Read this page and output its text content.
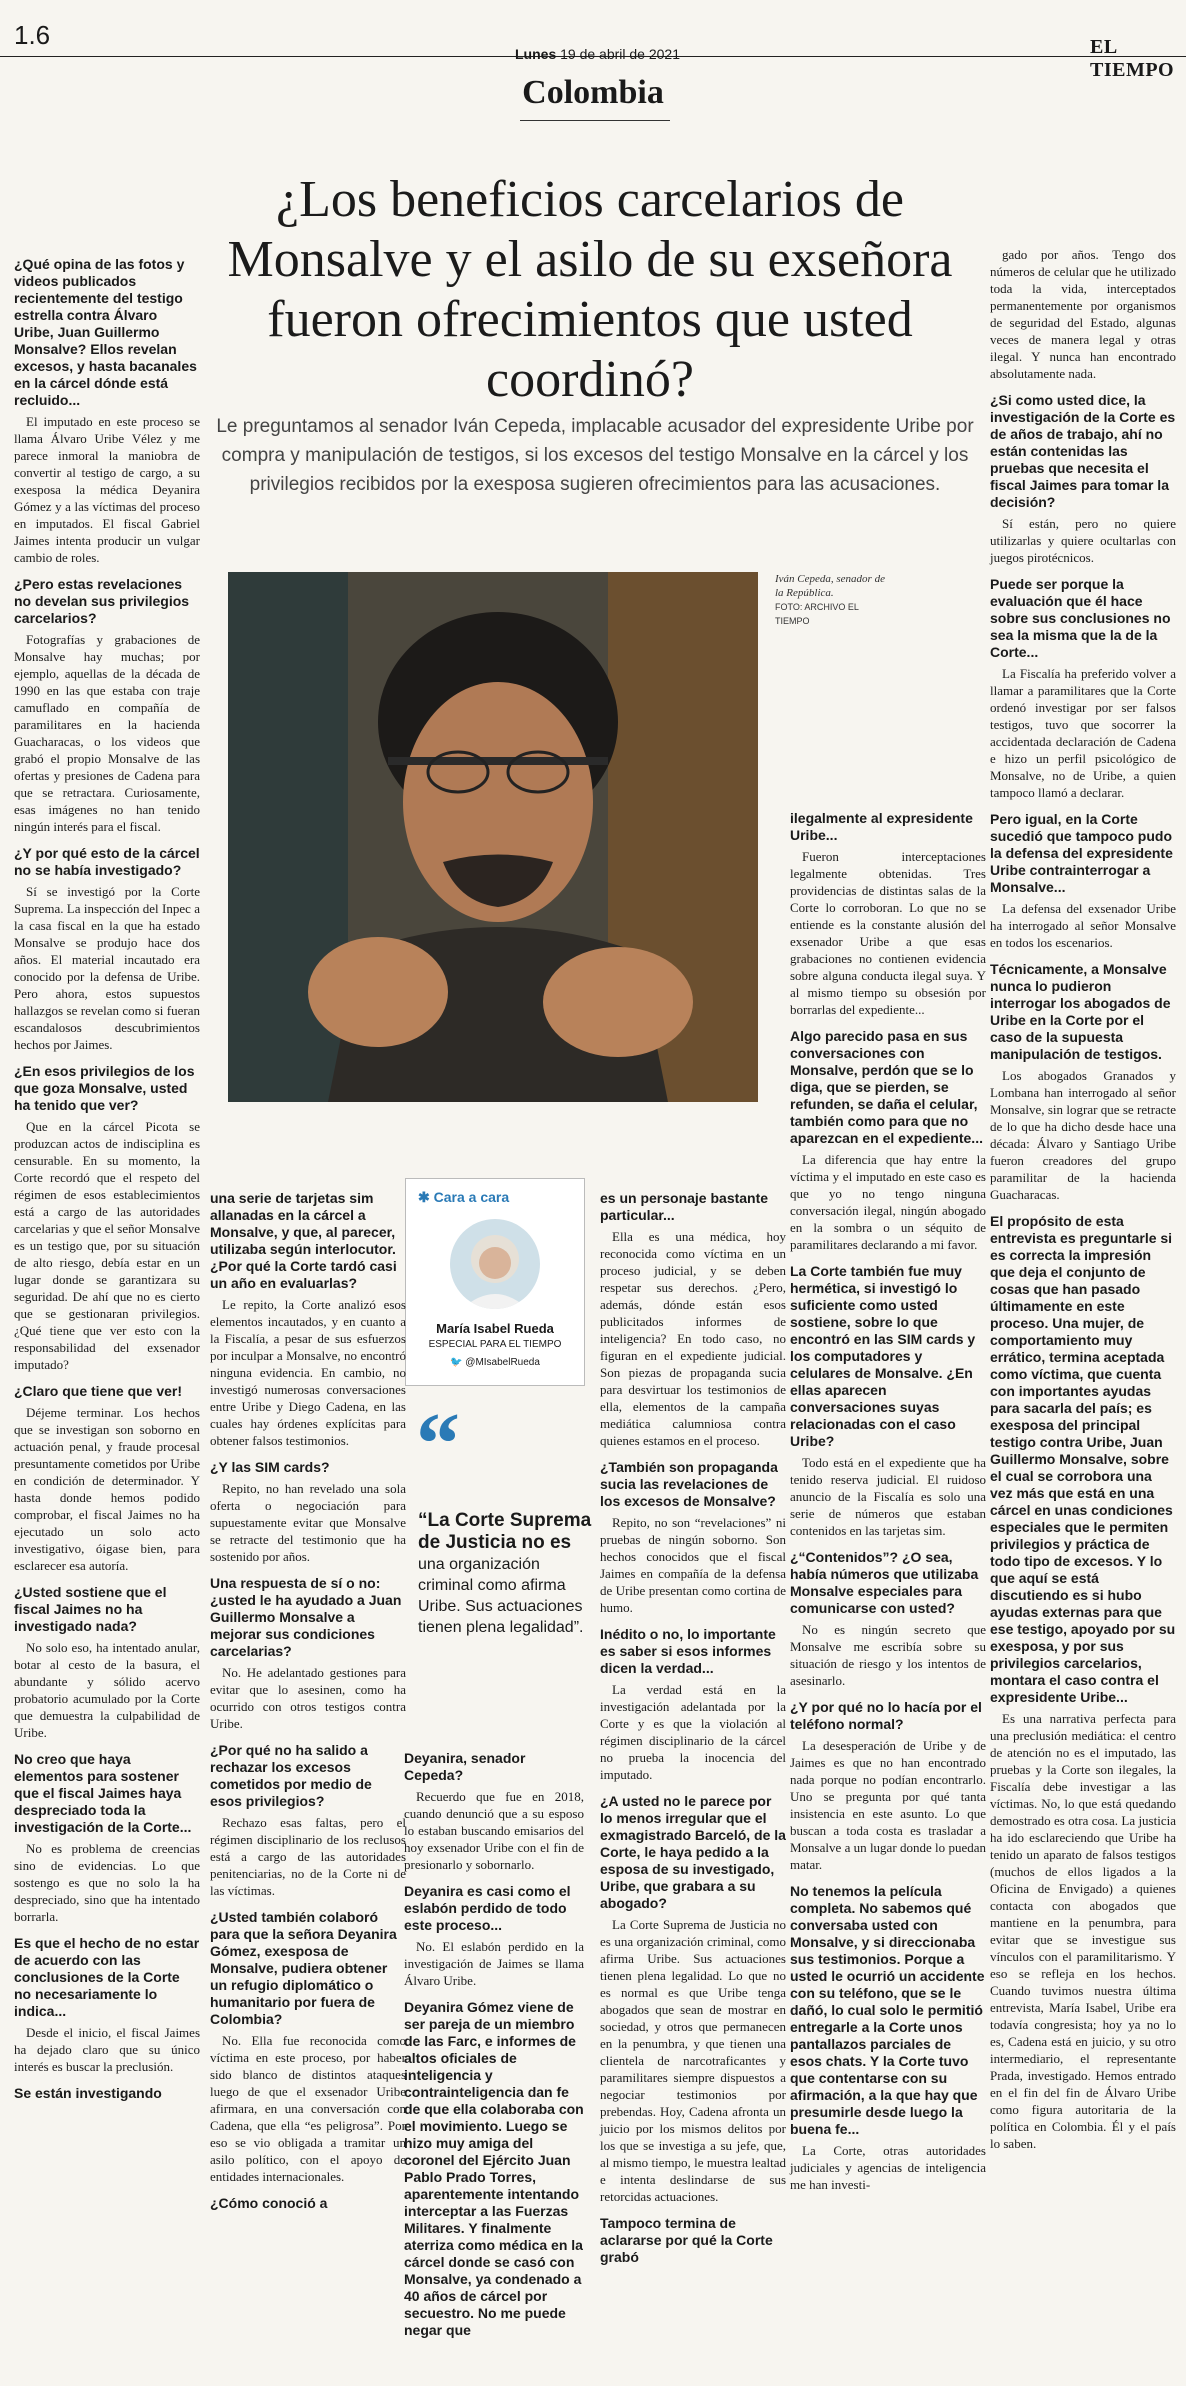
1.6
Lunes 19 de abril de 2021	EL TIEMPO
Colombia
¿Los beneficios carcelarios de Monsalve y el asilo de su exseñora fueron ofrecimientos que usted coordinó?
Le preguntamos al senador Iván Cepeda, implacable acusador del expresidente Uribe por compra y manipulación de testigos, si los excesos del testigo Monsalve en la cárcel y los privilegios recibidos por la exesposa sugieren ofrecimientos para las acusaciones.
Iván Cepeda, senador de la República.
FOTO: ARCHIVO EL TIEMPO
✱ Cara a cara
María Isabel Rueda
ESPECIAL PARA EL TIEMPO
🐦 @MIsabelRueda
“
“La Corte Suprema de Justicia no es
una organización criminal como afirma Uribe. Sus actuaciones tienen plena legalidad”.
¿Qué opina de las fotos y videos publicados recientemente del testigo estrella contra Álvaro Uribe, Juan Guillermo Monsalve? Ellos revelan excesos, y hasta bacanales en la cárcel dónde está recluido...

El imputado en este proceso se llama Álvaro Uribe Vélez y me parece inmoral la maniobra de convertir al testigo de cargo, a su exesposa la médica Deyanira Gómez y a las víctimas del proceso en imputados. El fiscal Gabriel Jaimes intenta producir un vulgar cambio de roles.

¿Pero estas revelaciones no develan sus privilegios carcelarios?

Fotografías y grabaciones de Monsalve hay muchas; por ejemplo, aquellas de la década de 1990 en las que estaba con traje camuflado en compañía de paramilitares en la hacienda Guacharacas, o los videos que grabó el propio Monsalve de las ofertas y presiones de Cadena para que se retractara. Curiosamente, esas imágenes no han tenido ningún interés para el fiscal.

¿Y por qué esto de la cárcel no se había investigado?

Sí se investigó por la Corte Suprema. La inspección del Inpec a la casa fiscal en la que ha estado Monsalve se produjo hace dos años. El material incautado era conocido por la defensa de Uribe. Pero ahora, estos supuestos hallazgos se revelan como si fueran escandalosos descubrimientos hechos por Jaimes.

¿En esos privilegios de los que goza Monsalve, usted ha tenido que ver?

Que en la cárcel Picota se produzcan actos de indisciplina es censurable. En su momento, la Corte recordó que el respeto del régimen de esos establecimientos está a cargo de las autoridades carcelarias y que el señor Monsalve es un testigo que, por su situación de alto riesgo, debía estar en un lugar donde se garantizara su seguridad. De ahí que no es cierto que se gestionaran privilegios. ¿Qué tiene que ver esto con la responsabilidad del exsenador imputado?

¿Claro que tiene que ver!

Déjeme terminar. Los hechos que se investigan son soborno en actuación penal, y fraude procesal presuntamente cometidos por Uribe en condición de determinador. Y hasta donde hemos podido comprobar, el fiscal Jaimes no ha ejecutado un solo acto investigativo, óigase bien, para esclarecer esa autoría.

¿Usted sostiene que el fiscal Jaimes no ha investigado nada?

No solo eso, ha intentado anular, botar al cesto de la basura, el abundante y sólido acervo probatorio acumulado por la Corte que demuestra la culpabilidad de Uribe.

No creo que haya elementos para sostener que el fiscal Jaimes haya despreciado toda la investigación de la Corte...

No es problema de creencias sino de evidencias. Lo que sostengo es que no solo la ha despreciado, sino que ha intentado borrarla.

Es que el hecho de no estar de acuerdo con las conclusiones de la Corte no necesariamente lo indica...

Desde el inicio, el fiscal Jaimes ha dejado claro que su único interés es buscar la preclusión.

Se están investigando
una serie de tarjetas sim allanadas en la cárcel a Monsalve, y que, al parecer, utilizaba según interlocutor. ¿Por qué la Corte tardó casi un año en evaluarlas?

Le repito, la Corte analizó esos elementos incautados, y en cuanto a la Fiscalía, a pesar de sus esfuerzos por inculpar a Monsalve, no encontró ninguna evidencia. En cambio, no investigó numerosas conversaciones entre Uribe y Diego Cadena, en las cuales hay órdenes explícitas para obtener falsos testimonios.

¿Y las SIM cards?

Repito, no han revelado una sola oferta o negociación para supuestamente evitar que Monsalve se retracte del testimonio que ha sostenido por años.

Una respuesta de sí o no: ¿usted le ha ayudado a Juan Guillermo Monsalve a mejorar sus condiciones carcelarias?

No. He adelantado gestiones para evitar que lo asesinen, como ha ocurrido con otros testigos contra Uribe.

¿Por qué no ha salido a rechazar los excesos cometidos por medio de esos privilegios?

Rechazo esas faltas, pero el régimen disciplinario de los reclusos está a cargo de las autoridades penitenciarias, no de la Corte ni de las víctimas.

¿Usted también colaboró para que la señora Deyanira Gómez, exesposa de Monsalve, pudiera obtener un refugio diplomático o humanitario por fuera de Colombia?

No. Ella fue reconocida como víctima en este proceso, por haber sido blanco de distintos ataques luego de que el exsenador Uribe afirmara, en una conversación con Cadena, que ella “es peligrosa”. Por eso se vio obligada a tramitar un asilo político, con el apoyo de entidades internacionales.

¿Cómo conoció a
Deyanira, senador Cepeda?

Recuerdo que fue en 2018, cuando denunció que a su esposo lo estaban buscando emisarios del hoy exsenador Uribe con el fin de presionarlo y sobornarlo.

Deyanira es casi como el eslabón perdido de todo este proceso...

No. El eslabón perdido en la investigación de Jaimes se llama Álvaro Uribe.

Deyanira Gómez viene de ser pareja de un miembro de las Farc, e informes de altos oficiales de inteligencia y contrainteligencia dan fe de que ella colaboraba con el movimiento. Luego se hizo muy amiga del coronel del Ejército Juan Pablo Prado Torres, aparentemente intentando interceptar a las Fuerzas Militares. Y finalmente aterriza como médica en la cárcel donde se casó con Monsalve, ya condenado a 40 años de cárcel por secuestro. No me puede negar que
es un personaje bastante particular...

Ella es una médica, hoy reconocida como víctima en un proceso judicial, y se deben respetar sus derechos. ¿Pero, además, dónde están esos publicitados informes de inteligencia? En todo caso, no figuran en el expediente judicial. Son piezas de propaganda sucia para desvirtuar los testimonios de ella, elementos de la campaña mediática calumniosa contra quienes estamos en el proceso.

¿También son propaganda sucia las revelaciones de los excesos de Monsalve?

Repito, no son “revelaciones” ni pruebas de ningún soborno. Son hechos conocidos que el fiscal Jaimes en compañía de la defensa de Uribe presentan como cortina de humo.

Inédito o no, lo importante es saber si esos informes dicen la verdad...

La verdad está en la investigación adelantada por la Corte y es que la violación al régimen disciplinario de la cárcel no prueba la inocencia del imputado.

¿A usted no le parece por lo menos irregular que el exmagistrado Barceló, de la Corte, le haya pedido a la esposa de su investigado, Uribe, que grabara a su abogado?

La Corte Suprema de Justicia no es una organización criminal, como afirma Uribe. Sus actuaciones tienen plena legalidad. Lo que no es normal es que Uribe tenga abogados que sean de mostrar en sociedad, y otros que permanecen en la penumbra, y que tienen una clientela de narcotraficantes y paramilitares siempre dispuestos a negociar testimonios por prebendas. Hoy, Cadena afronta un juicio por los mismos delitos por los que se investiga a su jefe, que, al mismo tiempo, le muestra lealtad e intenta deslindarse de sus retorcidas actuaciones.

Tampoco termina de aclararse por qué la Corte grabó
ilegalmente al expresidente Uribe...

Fueron interceptaciones legalmente obtenidas. Tres providencias de distintas salas de la Corte lo corroboran. Lo que no se entiende es la constante alusión del exsenador Uribe a que esas grabaciones no contienen evidencia sobre alguna conducta ilegal suya. Y al mismo tiempo su obsesión por borrarlas del expediente...

Algo parecido pasa en sus conversaciones con Monsalve, perdón que se lo diga, que se pierden, se refunden, se daña el celular, también como para que no aparezcan en el expediente...

La diferencia que hay entre la víctima y el imputado en este caso es que yo no tengo ninguna conversación ilegal, ningún abogado en la sombra o un séquito de paramilitares declarando a mi favor.

La Corte también fue muy hermética, si investigó lo suficiente como usted sostiene, sobre lo que encontró en las SIM cards y los computadores y celulares de Monsalve. ¿En ellas aparecen conversaciones suyas relacionadas con el caso Uribe?

Todo está en el expediente que ha tenido reserva judicial. El ruidoso anuncio de la Fiscalía es solo una serie de números que estaban contenidos en las tarjetas sim.

¿“Contenidos”? ¿O sea, había números que utilizaba Monsalve especiales para comunicarse con usted?

No es ningún secreto que Monsalve me escribía sobre su situación de riesgo y los intentos de asesinarlo.

¿Y por qué no lo hacía por el teléfono normal?

La desesperación de Uribe y de Jaimes es que no han encontrado nada porque no podían encontrarlo. Uno se pregunta por qué tanta insistencia en este asunto. Lo que buscan a toda costa es trasladar a Monsalve a un lugar donde lo puedan matar.

No tenemos la película completa. No sabemos qué conversaba usted con Monsalve, y si direccionaba sus testimonios. Porque a usted le ocurrió un accidente con su teléfono, que se le dañó, lo cual solo le permitió entregarle a la Corte unos pantallazos parciales de esos chats. Y la Corte tuvo que contentarse con su afirmación, a la que hay que presumirle desde luego la buena fe...

La Corte, otras autoridades judiciales y agencias de inteligencia me han investi-

gado por años. Tengo dos números de celular que he utilizado toda la vida, interceptados permanentemente por organismos de seguridad del Estado, algunas veces de manera legal y otras ilegal. Y nunca han encontrado absolutamente nada.

¿Si como usted dice, la investigación de la Corte es de años de trabajo, ahí no están contenidas las pruebas que necesita el fiscal Jaimes para tomar la decisión?

Sí están, pero no quiere utilizarlas y quiere ocultarlas con juegos pirotécnicos.

Puede ser porque la evaluación que él hace sobre sus conclusiones no sea la misma que la de la Corte...

La Fiscalía ha preferido volver a llamar a paramilitares que la Corte ordenó investigar por ser falsos testigos, tuvo que socorrer la accidentada declaración de Cadena e hizo un perfil psicológico de Monsalve, no de Uribe, a quien tampoco llamó a declarar.

Pero igual, en la Corte sucedió que tampoco pudo la defensa del expresidente Uribe contrainterrogar a Monsalve...

La defensa del exsenador Uribe ha interrogado al señor Monsalve en todos los escenarios.

Técnicamente, a Monsalve nunca lo pudieron interrogar los abogados de Uribe en la Corte por el caso de la supuesta manipulación de testigos.

Los abogados Granados y Lombana han interrogado al señor Monsalve, sin lograr que se retracte de lo que ha dicho desde hace una década: Álvaro y Santiago Uribe fueron creadores del grupo paramilitar de la hacienda Guacharacas.

El propósito de esta entrevista es preguntarle si es correcta la impresión que deja el conjunto de cosas que han pasado últimamente en este proceso. Una mujer, de comportamiento muy errático, termina aceptada como víctima, que cuenta con importantes ayudas para sacarla del país; es exesposa del principal testigo contra Uribe, Juan Guillermo Monsalve, sobre el cual se corrobora una vez más que está en una cárcel en unas condiciones especiales que le permiten privilegios y práctica de todo tipo de excesos. Y lo que aquí se está discutiendo es si hubo ayudas externas para que ese testigo, apoyado por su exesposa, y por sus privilegios carcelarios, montara el caso contra el expresidente Uribe...

Es una narrativa perfecta para una preclusión mediática: el centro de atención no es el imputado, las pruebas y la Corte son ilegales, la Fiscalía debe investigar a las víctimas. No, lo que está quedando demostrado es otra cosa. La justicia ha ido esclareciendo que Uribe ha tenido un aparato de falsos testigos (muchos de ellos ligados a la Oficina de Envigado) a quienes contacta con abogados que mantiene en la penumbra, para evitar que se investigue sus vínculos con el paramilitarismo. Y eso se refleja en los hechos. Cuando tuvimos nuestra última entrevista, María Isabel, Uribe era todavía congresista; hoy ya no lo es, Cadena está en juicio, y su otro intermediario, el representante Prada, investigado. Hemos entrado en el fin del fin de Álvaro Uribe como figura autoritaria de la política en Colombia. Él y el país lo saben.
